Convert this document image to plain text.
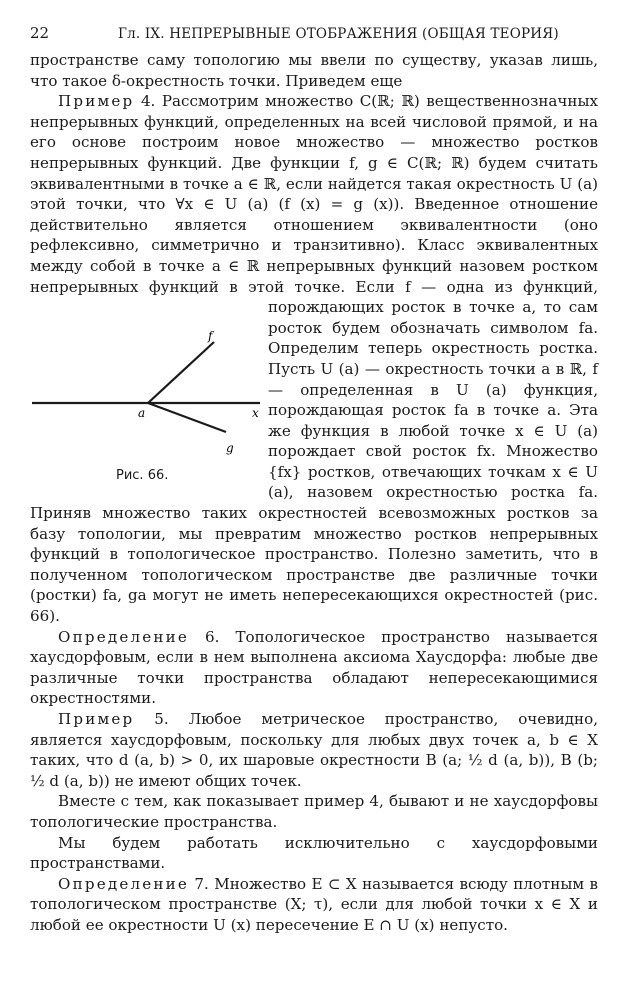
22	Гл. IX. НЕПРЕРЫВНЫЕ ОТОБРАЖЕНИЯ (ОБЩАЯ ТЕОРИЯ)

пространстве саму топологию мы ввели по существу, указав лишь, что такое δ-окрестность точки. Приведем еще

Пример 4. Рассмотрим множество C(ℝ; ℝ) вещественнозначных непрерывных функций, определенных на всей числовой прямой, и на его основе построим новое множество — множество ростков непрерывных функций. Две функции f, g ∈ C(ℝ; ℝ) будем считать эквивалентными в точке a ∈ ℝ, если найдется такая окрестность U (a) этой точки, что ∀x ∈ U (a) (f (x) = g (x)). Введенное отношение действительно является отношением эквивалентности (оно рефлексивно, симметрично и транзитивно). Класс эквивалентных между собой в точке a ∈ ℝ непрерывных функций назовем ростком непрерывных функций в этой точке. Если f — одна из функций, порождающих росток в точке a,
то сам росток будем обозначать символом fa. Определим теперь окрестность ростка. Пусть U (a) — окрестность точки a в ℝ, f — определенная в U (a) функция, порождающая росток fa в точке a. Эта же функция в любой точке x ∈ U (a) порождает свой росток fx. Множество {fx} ростков, отвечающих точкам x ∈ U (a), назовем окрестностью ростка fa. Приняв множество таких окрестностей всевозможных ростков за базу топологии, мы превратим множество ростков непрерывных функций в топологическое пространство. Полезно заметить, что в полученном топологическом пространстве две различные точки (ростки) fa, ga могут не иметь непересекающихся окрестностей (рис. 66).

Определение 6. Топологическое пространство называется хаусдорфовым, если в нем выполнена аксиома Хаусдорфа: любые две различные точки пространства обладают непересекающимися окрестностями.

Пример 5. Любое метрическое пространство, очевидно, является хаусдорфовым, поскольку для любых двух точек a, b ∈ X таких, что d (a, b) > 0, их шаровые окрестности B (a; ½ d (a, b)), B (b; ½ d (a, b)) не имеют общих точек.

Вместе с тем, как показывает пример 4, бывают и не хаусдорфовы топологические пространства.

Мы будем работать исключительно с хаусдорфовыми пространствами.

Определение 7. Множество E ⊂ X называется всюду плотным в топологическом пространстве (X; τ), если для любой точки x ∈ X и любой ее окрестности U (x) пересечение E ∩ U (x) непусто.

f
a	x
g
Рис. 66.
